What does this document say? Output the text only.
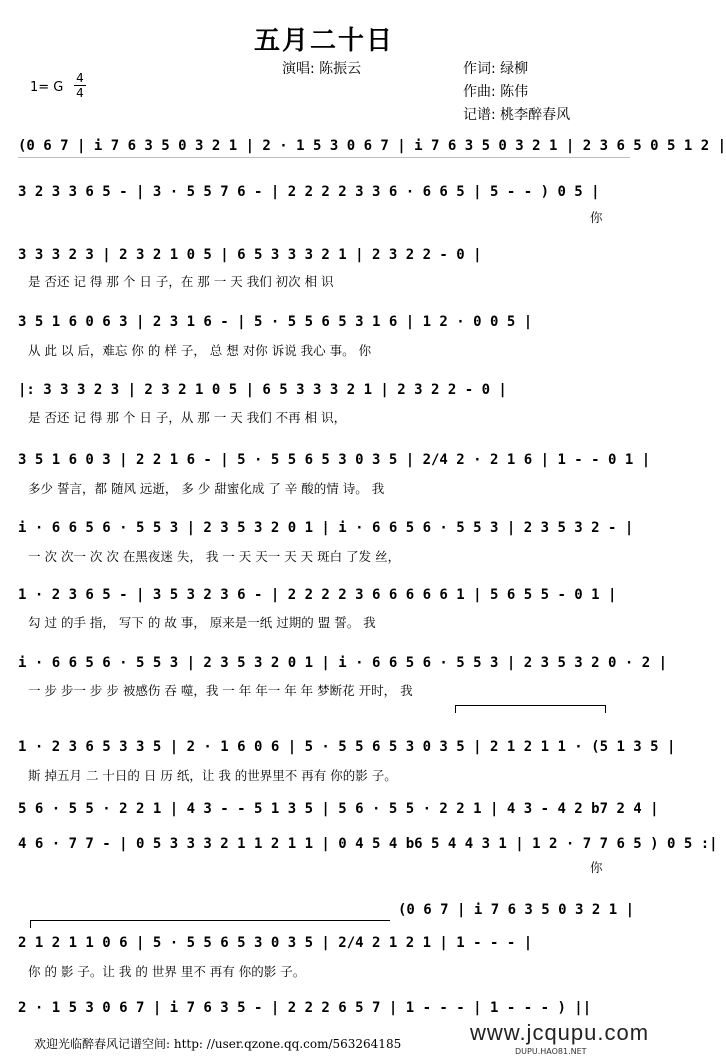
五月二十日
演唱: 陈振云	作词: 绿柳
作曲: 陈伟
记谱: 桃李醉春风
1= G
4
4
(0 6 7 | i 7 6 3 5 0 3 2 1 | 2 · 1 5 3 0 6 7 | i 7 6 3 5 0 3 2 1 | 2 3 6 5 0 5 1 2 |
3 2 3 3 6 5 - | 3 · 5 5 7 6 - | 2 2 2 2 3 3 6 · 6 6 5 | 5 - - ) 0 5 |
你
3 3 3 2 3 | 2 3 2 1 0 5 | 6 5 3 3 3 2 1 | 2 3 2 2 - 0 |
是 否还 记 得 那 个 日 子，在 那 一 天 我们 初次 相 识
3 5 1 6 0 6 3 | 2 3 1 6 - | 5 · 5 5 6 5 3 1 6 | 1 2 · 0 0 5 |
从 此 以 后，难忘 你 的 样 子， 总 想 对你 诉说 我心 事。 你
|: 3 3 3 2 3 | 2 3 2 1 0 5 | 6 5 3 3 3 2 1 | 2 3 2 2 - 0 |
是 否还 记 得 那 个 日 子，从 那 一 天 我们 不再 相 识，
3 5 1 6 0 3 | 2 2 1 6 - | 5 · 5 5 6 5 3 0 3 5 | 2/4 2 · 2 1 6 | 1 - - 0 1 |
多少 誓言，都 随风 远逝， 多 少 甜蜜化成 了 辛 酸的情 诗。 我
i · 6 6 5 6 · 5 5 3 | 2 3 5 3 2 0 1 | i · 6 6 5 6 · 5 5 3 | 2 3 5 3 2 - |
一 次 次一 次 次 在黑夜迷 失， 我 一 天 天一 天 天 斑白 了发 丝，
1 · 2 3 6 5 - | 3 5 3 2 3 6 - | 2 2 2 2 3 6 6 6 6 6 1 | 5 6 5 5 - 0 1 |
勾 过 的手 指， 写下 的 故 事， 原来是一纸 过期的 盟 誓。 我
i · 6 6 5 6 · 5 5 3 | 2 3 5 3 2 0 1 | i · 6 6 5 6 · 5 5 3 | 2 3 5 3 2 0 · 2 |
一 步 步一 步 步 被感伤 吞 噬，我 一 年 年一 年 年 梦断花 开时， 我
1 · 2 3 6 5 3 3 5 | 2 · 1 6 0 6 | 5 · 5 5 6 5 3 0 3 5 | 2 1 2 1 1 · (5 1 3 5 |
斯 掉五月 二 十日的 日 历 纸，让 我 的世界里不 再有 你的影 子。
5 6 · 5 5 · 2 2 1 | 4 3 - - 5 1 3 5 | 5 6 · 5 5 · 2 2 1 | 4 3 - 4 2 b7 2 4 |
4 6 · 7 7 - | 0 5 3 3 3 2 1 1 2 1 1 | 0 4 5 4 b6 5 4 4 3 1 | 1 2 · 7 7 6 5 ) 0 5 :|
你
(0 6 7 | i 7 6 3 5 0 3 2 1 |
2 1 2 1 1 0 6 | 5 · 5 5 6 5 3 0 3 5 | 2/4 2 1 2 1 | 1 - - - |
你 的 影 子。让 我 的 世界 里不 再有 你的影 子。
2 · 1 5 3 0 6 7 | i 7 6 3 5 - | 2 2 2 6 5 7 | 1 - - - | 1 - - - ) ||
欢迎光临醉春风记谱空间: http: //user.qzone.qq.com/563264185	www.jcqupu.com
DUPU.HAO81.NET
